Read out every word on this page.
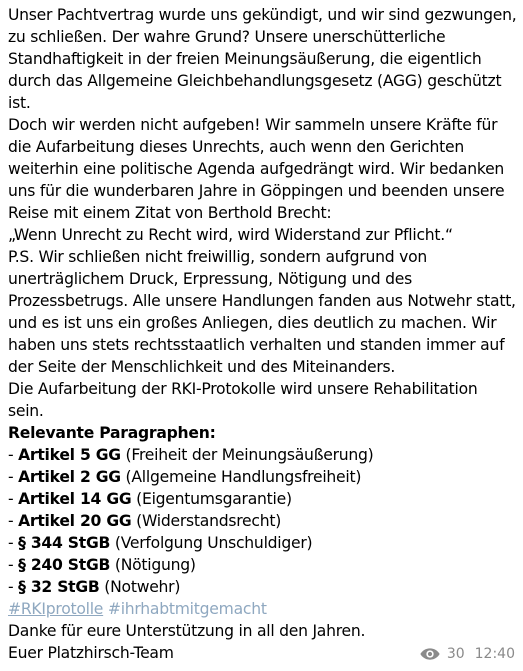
Unser Pachtvertrag wurde uns gekündigt, und wir sind gezwungen,
zu schließen. Der wahre Grund? Unsere unerschütterliche
Standhaftigkeit in der freien Meinungsäußerung, die eigentlich
durch das Allgemeine Gleichbehandlungsgesetz (AGG) geschützt
ist.
Doch wir werden nicht aufgeben! Wir sammeln unsere Kräfte für
die Aufarbeitung dieses Unrechts, auch wenn den Gerichten
weiterhin eine politische Agenda aufgedrängt wird. Wir bedanken
uns für die wunderbaren Jahre in Göppingen und beenden unsere
Reise mit einem Zitat von Berthold Brecht:
„Wenn Unrecht zu Recht wird, wird Widerstand zur Pflicht.“
P.S. Wir schließen nicht freiwillig, sondern aufgrund von
unerträglichem Druck, Erpressung, Nötigung und des
Prozessbetrugs. Alle unsere Handlungen fanden aus Notwehr statt,
und es ist uns ein großes Anliegen, dies deutlich zu machen. Wir
haben uns stets rechtsstaatlich verhalten und standen immer auf
der Seite der Menschlichkeit und des Miteinanders.
Die Aufarbeitung der RKI-Protokolle wird unsere Rehabilitation
sein.
Relevante Paragraphen:
- Artikel 5 GG (Freiheit der Meinungsäußerung)
- Artikel 2 GG (Allgemeine Handlungsfreiheit)
- Artikel 14 GG (Eigentumsgarantie)
- Artikel 20 GG (Widerstandsrecht)
- § 344 StGB (Verfolgung Unschuldiger)
- § 240 StGB (Nötigung)
- § 32 StGB (Notwehr)
#RKIprotolle #ihrhabtmitgemacht
Danke für eure Unterstützung in all den Jahren.
Euer Platzhirsch-Team	30 12:40
